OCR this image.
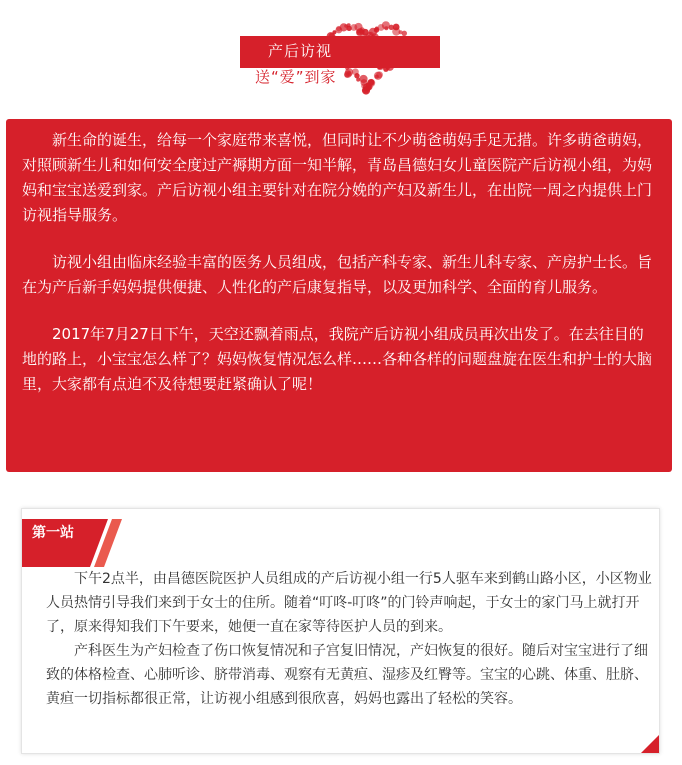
产后访视
送“爱”到家

新生命的诞生，给每一个家庭带来喜悦，但同时让不少萌爸萌妈手足无措。许多萌爸萌妈，对照顾新生儿和如何安全度过产褥期方面一知半解，青岛昌德妇女儿童医院产后访视小组，为妈妈和宝宝送爱到家。产后访视小组主要针对在院分娩的产妇及新生儿，在出院一周之内提供上门访视指导服务。

访视小组由临床经验丰富的医务人员组成，包括产科专家、新生儿科专家、产房护士长。旨在为产后新手妈妈提供便捷、人性化的产后康复指导，以及更加科学、全面的育儿服务。

2017年7月27日下午，天空还飘着雨点，我院产后访视小组成员再次出发了。在去往目的地的路上，小宝宝怎么样了？妈妈恢复情况怎么样……各种各样的问题盘旋在医生和护士的大脑里，大家都有点迫不及待想要赶紧确认了呢！

第一站

下午2点半，由昌德医院医护人员组成的产后访视小组一行5人驱车来到鹤山路小区，小区物业人员热情引导我们来到于女士的住所。随着“叮咚-叮咚”的门铃声响起，于女士的家门马上就打开了，原来得知我们下午要来，她便一直在家等待医护人员的到来。

产科医生为产妇检查了伤口恢复情况和子宫复旧情况，产妇恢复的很好。随后对宝宝进行了细致的体格检查、心肺听诊、脐带消毒、观察有无黄疸、湿疹及红臀等。宝宝的心跳、体重、肚脐、黄疸一切指标都很正常，让访视小组感到很欣喜，妈妈也露出了轻松的笑容。
